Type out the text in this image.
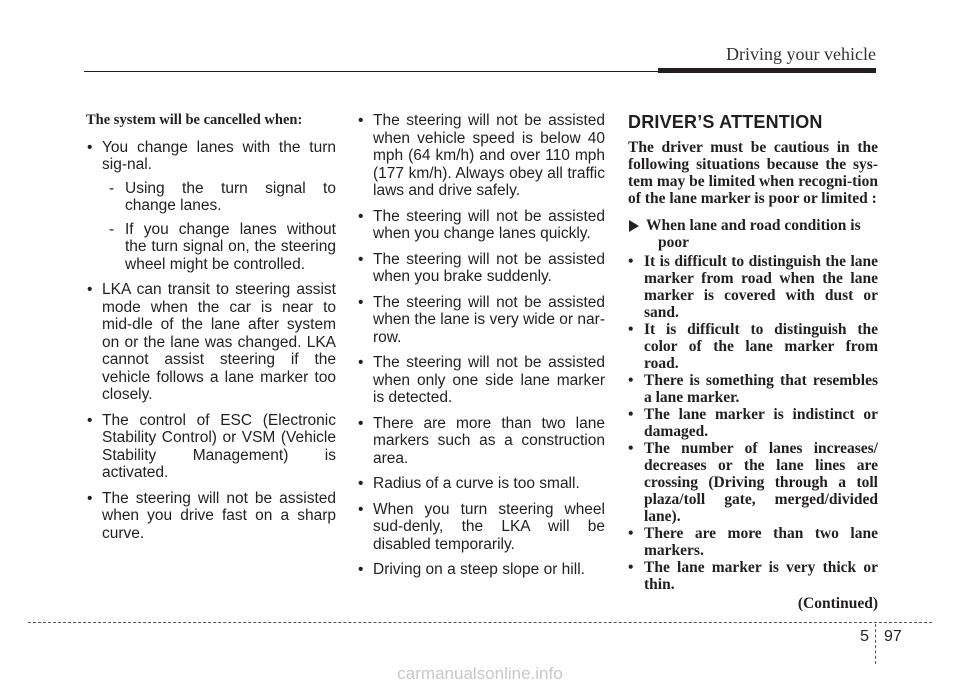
Driving your vehicle
The system will be cancelled when:
• You change lanes with the turn sig-nal.
- Using the turn signal to change lanes.
- If you change lanes without the turn signal on, the steering wheel might be controlled.
• LKA can transit to steering assist mode when the car is near to mid-dle of the lane after system on or the lane was changed. LKA cannot assist steering if the vehicle follows a lane marker too closely.
• The control of ESC (Electronic Stability Control) or VSM (Vehicle Stability Management) is activated.
• The steering will not be assisted when you drive fast on a sharp curve.
• The steering will not be assisted when vehicle speed is below 40 mph (64 km/h) and over 110 mph (177 km/h). Always obey all traffic laws and drive safely.
• The steering will not be assisted when you change lanes quickly.
• The steering will not be assisted when you brake suddenly.
• The steering will not be assisted when the lane is very wide or nar-row.
• The steering will not be assisted when only one side lane marker is detected.
• There are more than two lane markers such as a construction area.
• Radius of a curve is too small.
• When you turn steering wheel sud-denly, the LKA will be disabled temporarily.
• Driving on a steep slope or hill.
DRIVER’S ATTENTION
The driver must be cautious in the following situations because the sys-tem may be limited when recogni-tion of the lane marker is poor or limited :
When lane and road condition is
poor
• It is difficult to distinguish the lane marker from road when the lane marker is covered with dust or sand.
• It is difficult to distinguish the color of the lane marker from road.
• There is something that resembles a lane marker.
• The lane marker is indistinct or damaged.
• The number of lanes increases/ decreases or the lane lines are crossing (Driving through a toll plaza/toll gate, merged/divided lane).
• There are more than two lane markers.
• The lane marker is very thick or thin.
(Continued)
5 97
carmanualsonline.info
